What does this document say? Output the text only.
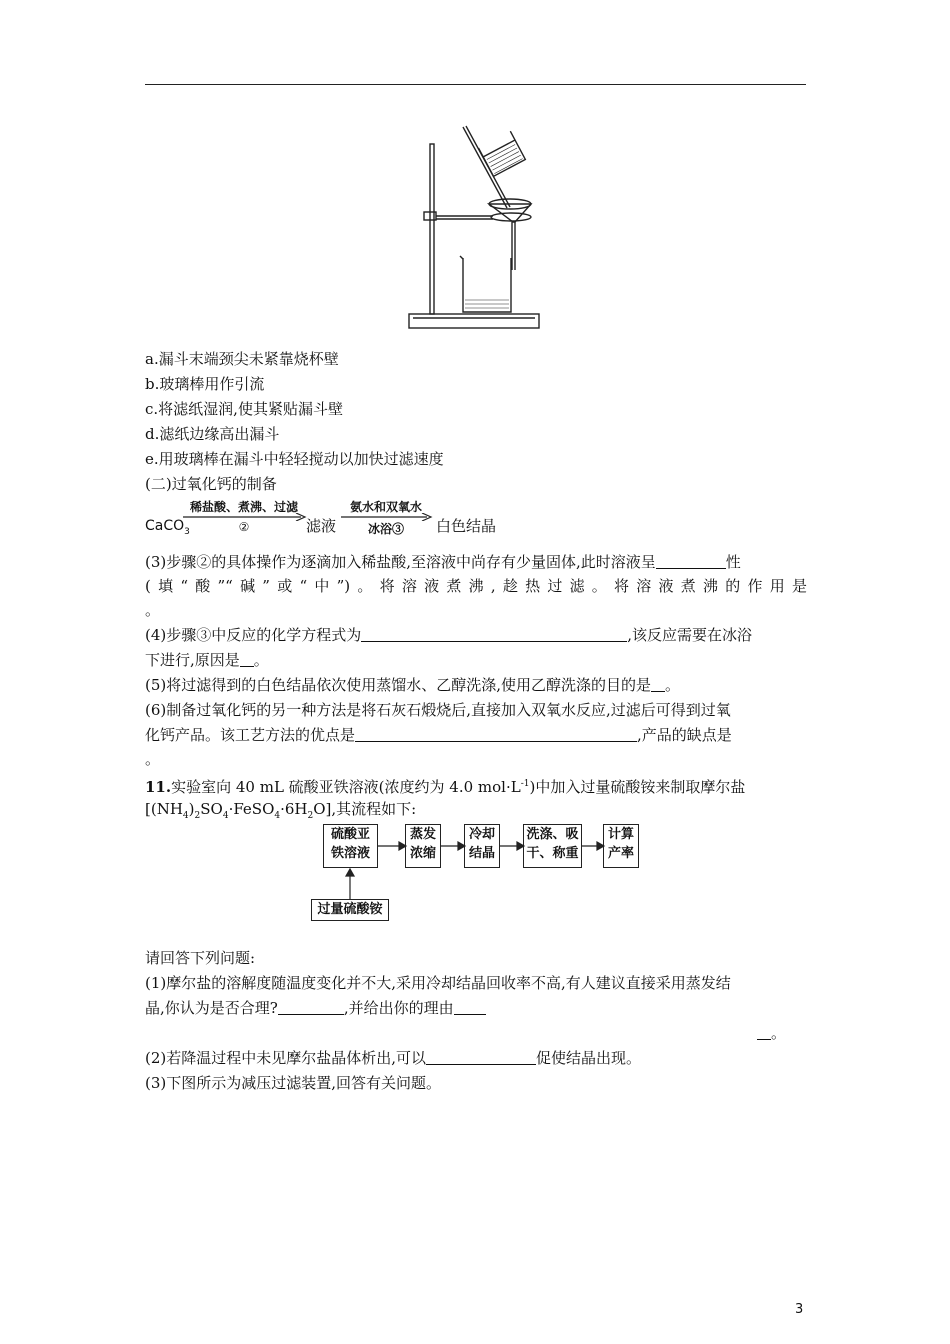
a.漏斗末端颈尖未紧靠烧杯壁
b.玻璃棒用作引流
c.将滤纸湿润,使其紧贴漏斗壁
d.滤纸边缘高出漏斗
e.用玻璃棒在漏斗中轻轻搅动以加快过滤速度
(二)过氧化钙的制备
CaCO$_3$
稀盐酸、煮沸、过滤
②	滤液
氨水和双氧水
冰浴③	白色结晶
(3)步骤②的具体操作为逐滴加入稀盐酸,至溶液中尚存有少量固体,此时溶液呈	性
(填“酸”“碱”或“中”)。将溶液煮沸,趁热过滤。将溶液煮沸的作用是
。
(4)步骤③中反应的化学方程式为	,该反应需要在冰浴
下进行,原因是 。
(5)将过滤得到的白色结晶依次使用蒸馏水、乙醇洗涤,使用乙醇洗涤的目的是 。
(6)制备过氧化钙的另一种方法是将石灰石煅烧后,直接加入双氧水反应,过滤后可得到过氧
化钙产品。该工艺方法的优点是	,产品的缺点是
。
11.实验室向 40 mL 硫酸亚铁溶液(浓度约为 4.0 $mol\cdot L^{-1}$)中加入过量硫酸铵来制取摩尔盐
$[(NH_4)_2SO_4\cdot FeSO_4\cdot 6H_2O]$,其流程如下:
硫酸亚
铁溶液
蒸发
浓缩
冷却
结晶
洗涤、吸
干、称重
计算
产率
过量硫酸铵
请回答下列问题:
(1)摩尔盐的溶解度随温度变化并不大,采用冷却结晶回收率不高,有人建议直接采用蒸发结
晶,你认为是否合理?	,并给出你的理由
。
(2)若降温过程中未见摩尔盐晶体析出,可以	促使结晶出现。
(3)下图所示为减压过滤装置,回答有关问题。
3
